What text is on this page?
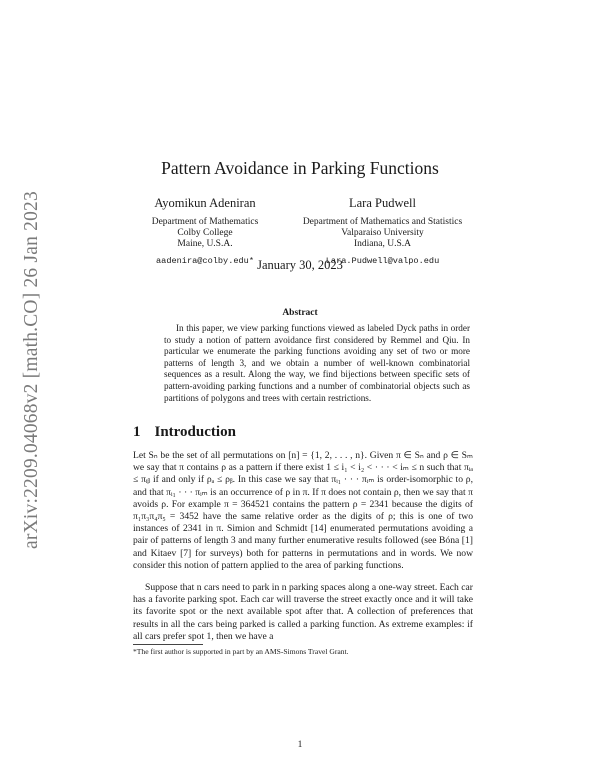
arXiv:2209.04068v2 [math.CO] 26 Jan 2023
Pattern Avoidance in Parking Functions
Ayomikun Adeniran
Department of Mathematics
Colby College
Maine, U.S.A.
aadenira@colby.edu*
Lara Pudwell
Department of Mathematics and Statistics
Valparaiso University
Indiana, U.S.A
Lara.Pudwell@valpo.edu
January 30, 2023
Abstract

In this paper, we view parking functions viewed as labeled Dyck paths in order to study a notion of pattern avoidance first considered by Remmel and Qiu. In particular we enumerate the parking functions avoiding any set of two or more patterns of length 3, and we obtain a number of well-known combinatorial sequences as a result. Along the way, we find bijections between specific sets of pattern-avoiding parking functions and a number of combinatorial objects such as partitions of polygons and trees with certain restrictions.

1 Introduction

Let Sₙ be the set of all permutations on [n] = {1, 2, . . . , n}. Given π ∈ Sₙ and ρ ∈ Sₘ we say that π contains ρ as a pattern if there exist 1 ≤ i₁ < i₂ < · · · < iₘ ≤ n such that πᵢₐ ≤ πᵢᵦ if and only if ρₐ ≤ ρᵦ. In this case we say that πᵢ₁ · · · πᵢₘ is order-isomorphic to ρ, and that πᵢ₁ · · · πᵢₘ is an occurrence of ρ in π. If π does not contain ρ, then we say that π avoids ρ. For example π = 364521 contains the pattern ρ = 2341 because the digits of π₁π₃π₄π₅ = 3452 have the same relative order as the digits of ρ; this is one of two instances of 2341 in π. Simion and Schmidt [14] enumerated permutations avoiding a pair of patterns of length 3 and many further enumerative results followed (see Bóna [1] and Kitaev [7] for surveys) both for patterns in permutations and in words. We now consider this notion of pattern applied to the area of parking functions.

Suppose that n cars need to park in n parking spaces along a one-way street. Each car has a favorite parking spot. Each car will traverse the street exactly once and it will take its favorite spot or the next available spot after that. A collection of preferences that results in all the cars being parked is called a parking function. As extreme examples: if all cars prefer spot 1, then we have a

*The first author is supported in part by an AMS-Simons Travel Grant.
1
